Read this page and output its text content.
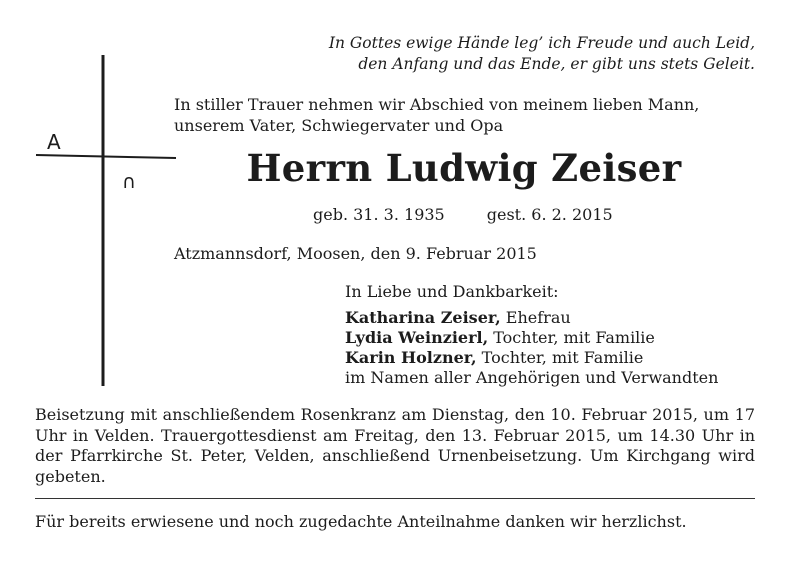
A
∩
In Gottes ewige Hände leg’ ich Freude und auch Leid,
den Anfang und das Ende, er gibt uns stets Geleit.
In stiller Trauer nehmen wir Abschied von meinem lieben Mann,
unserem Vater, Schwiegervater und Opa
Herrn Ludwig Zeiser
geb. 31. 3. 1935	gest. 6. 2. 2015
Atzmannsdorf, Moosen, den 9. Februar 2015
In Liebe und Dankbarkeit:
Katharina Zeiser, Ehefrau
Lydia Weinzierl, Tochter, mit Familie
Karin Holzner, Tochter, mit Familie
im Namen aller Angehörigen und Verwandten
Beisetzung mit anschließendem Rosenkranz am Dienstag, den 10. Februar 2015, um 17 Uhr in Velden. Trauergottesdienst am Freitag, den 13. Februar 2015, um 14.30 Uhr in der Pfarrkirche St. Peter, Velden, anschließend Urnenbeisetzung. Um Kirchgang wird gebeten.
Für bereits erwiesene und noch zugedachte Anteilnahme danken wir herzlichst.
